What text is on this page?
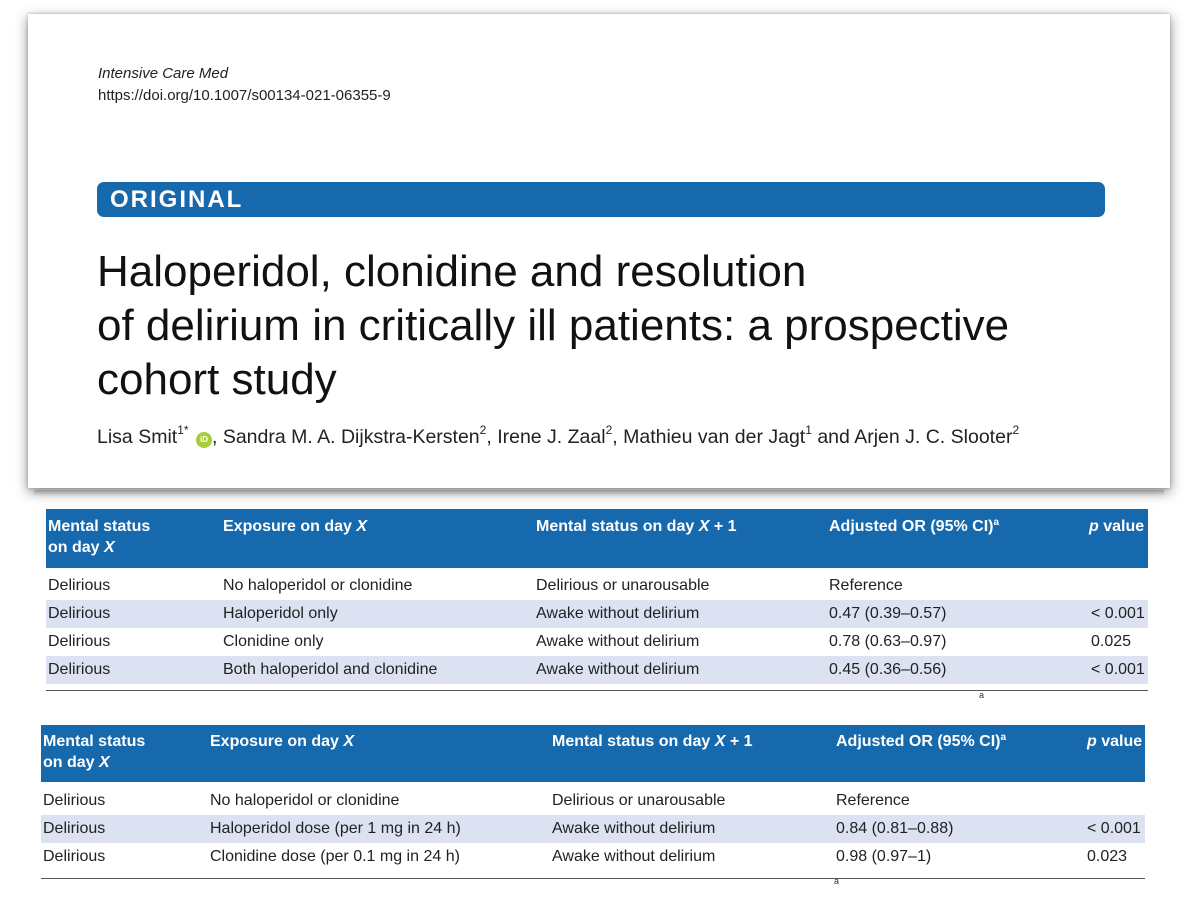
Intensive Care Med
https://doi.org/10.1007/s00134-021-06355-9
ORIGINAL
Haloperidol, clonidine and resolution
of delirium in critically ill patients: a prospective
cohort study
Lisa Smit$^{1*}$ iD , Sandra M. A. Dijkstra-Kersten$^2$, Irene J. Zaal$^2$, Mathieu van der Jagt$^1$ and Arjen J. C. Slooter$^2$
Mental status
on day X
Exposure on day X	Mental status on day X + 1	Adjusted OR (95% CI)$^a$	p value
Delirious	No haloperidol or clonidine	Delirious or unarousable	Reference
Delirious	Haloperidol only	Awake without delirium	0.47 (0.39–0.57)	< 0.001
Delirious	Clonidine only	Awake without delirium	0.78 (0.63–0.97)	0.025
Delirious	Both haloperidol and clonidine	Awake without delirium	0.45 (0.36–0.56)	< 0.001
a
Mental status
on day X
Exposure on day X	Mental status on day X + 1	Adjusted OR (95% CI)$^a$	p value
Delirious	No haloperidol or clonidine	Delirious or unarousable	Reference
Delirious	Haloperidol dose (per 1 mg in 24 h)	Awake without delirium	0.84 (0.81–0.88)	< 0.001
Delirious	Clonidine dose (per 0.1 mg in 24 h)	Awake without delirium	0.98 (0.97–1)	0.023
a
